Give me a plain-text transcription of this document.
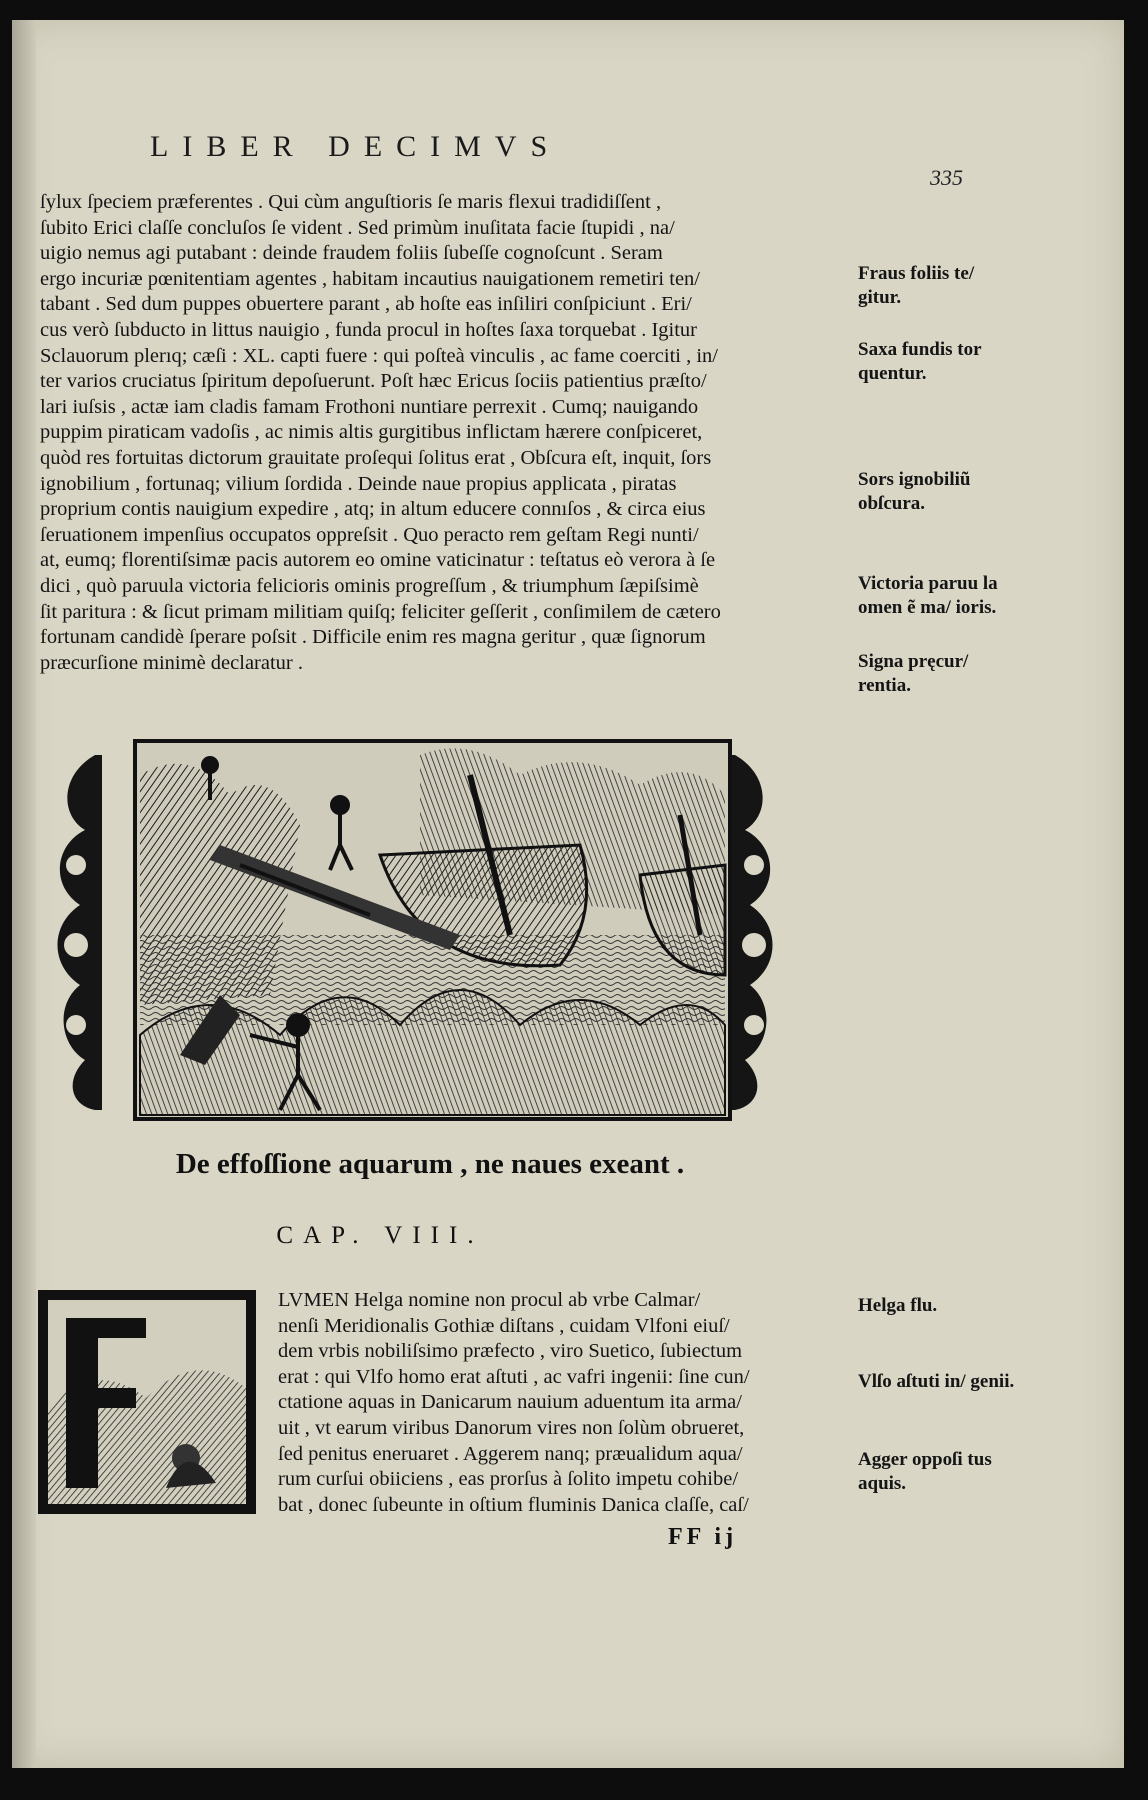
LIBER DECIMVS
335
ſylux ſpeciem præferentes . Qui cùm anguſtioris ſe maris flexui tradidiſſent ,
ſubito Erici claſſe concluſos ſe vident . Sed primùm inuſitata facie ſtupidi , na/
uigio nemus agi putabant : deinde fraudem foliis ſubeſſe cognoſcunt . Seram
ergo incuriæ pœnitentiam agentes , habitam incautius nauigationem remetiri ten/
tabant . Sed dum puppes obuertere parant , ab hoſte eas inſiliri conſpiciunt . Eri/
cus verò ſubducto in littus nauigio , funda procul in hoſtes ſaxa torquebat . Igitur
Sclauorum plerıq; cæſi : XL. capti fuere : qui poſteà vinculis , ac fame coerciti , in/
ter varios cruciatus ſpiritum depoſuerunt. Poſt hæc Ericus ſociis patientius præſto/
lari iuſsis , actæ iam cladis famam Frothoni nuntiare perrexit . Cumq; nauigando
puppim piraticam vadoſis , ac nimis altis gurgitibus inflictam hærere conſpiceret,
quòd res fortuitas dictorum grauitate proſequi ſolitus erat , Obſcura eſt, inquit, ſors
ignobilium , fortunaq; vilium ſordida . Deinde naue propius applicata , piratas
proprium contis nauigium expedire , atq; in altum educere connıſos , & circa eius
ſeruationem impenſius occupatos oppreſsit . Quo peracto rem geſtam Regi nunti/
at, eumq; florentiſsimæ pacis autorem eo omine vaticinatur : teſtatus eò verora à ſe
dici , quò paruula victoria felicioris ominis progreſſum , & triumphum ſæpiſsimè
ſit paritura : & ſicut primam militiam quiſq; feliciter geſſerit , conſimilem de cætero
fortunam candidè ſperare poſsit . Difficile enim res magna geritur , quæ ſignorum
præcurſione minimè declaratur .
Fraus foliis te/ gitur.
Saxa fundis tor quentur.
Sors ignobiliũ obſcura.
Victoria paruu la omen ẽ ma/ ioris.
Signa pręcur/ rentia.
De effoſſione aquarum , ne naues exeant .
CAP. VIII.
LVMEN Helga nomine non procul ab vrbe Calmar/
nenſi Meridionalis Gothiæ diſtans , cuidam Vlfoni eiuſ/
dem vrbis nobiliſsimo præfecto , viro Suetico, ſubiectum
erat : qui Vlfo homo erat aſtuti , ac vafri ingenii: ſine cun/
ctatione aquas in Danicarum nauium aduentum ita arma/
uit , vt earum viribus Danorum vires non ſolùm obrueret,
ſed penitus eneruaret . Aggerem nanq; præualidum aqua/
rum curſui obiiciens , eas prorſus à ſolito impetu cohibe/
bat , donec ſubeunte in oſtium fluminis Danica claſſe, caſ/
Helga flu.
Vlſo aſtuti in/ genii.
Agger oppoſi tus aquis.
FF ij
